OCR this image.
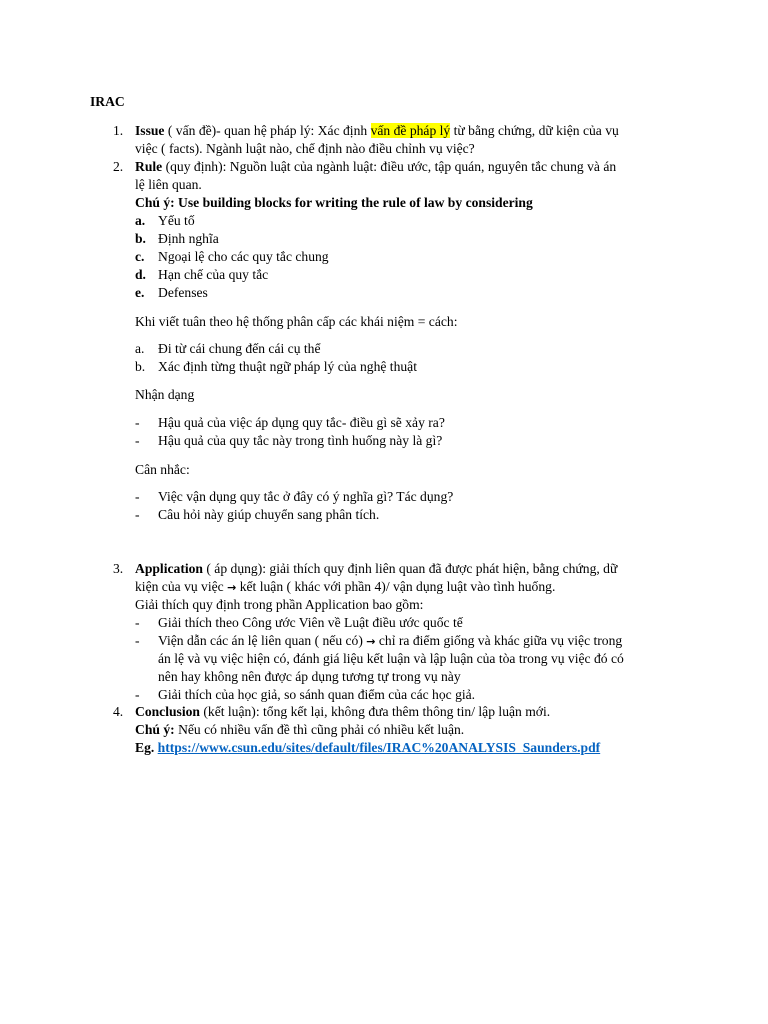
IRAC
1. Issue ( vấn đề)- quan hệ pháp lý: Xác định vấn đề pháp lý từ bằng chứng, dữ kiện của vụ
việc ( facts). Ngành luật nào, chế định nào điều chỉnh vụ việc?
2. Rule (quy định): Nguồn luật của ngành luật: điều ước, tập quán, nguyên tắc chung và án
lệ liên quan.
Chú ý: Use building blocks for writing the rule of law by considering
a. Yếu tố
b. Định nghĩa
c. Ngoại lệ cho các quy tắc chung
d. Hạn chế của quy tắc
e. Defenses
Khi viết tuân theo hệ thống phân cấp các khái niệm = cách:
a. Đi từ cái chung đến cái cụ thể
b. Xác định từng thuật ngữ pháp lý của nghệ thuật
Nhận dạng
- Hậu quả của việc áp dụng quy tắc- điều gì sẽ xảy ra?
- Hậu quả của quy tắc này trong tình huống này là gì?
Cân nhắc:
- Việc vận dụng quy tắc ở đây có ý nghĩa gì? Tác dụng?
- Câu hỏi này giúp chuyển sang phân tích.
3. Application ( áp dụng): giải thích quy định liên quan đã được phát hiện, bằng chứng, dữ
kiện của vụ việc → kết luận ( khác với phần 4)/ vận dụng luật vào tình huống.
Giải thích quy định trong phần Application bao gồm:
- Giải thích theo Công ước Viên về Luật điều ước quốc tế
- Viện dẫn các án lệ liên quan ( nếu có) → chỉ ra điểm giống và khác giữa vụ việc trong
án lệ và vụ việc hiện có, đánh giá liệu kết luận và lập luận của tòa trong vụ việc đó có
nên hay không nên được áp dụng tương tự trong vụ này
- Giải thích của học giả, so sánh quan điểm của các học giả.
4. Conclusion (kết luận): tổng kết lại, không đưa thêm thông tin/ lập luận mới.
Chú ý: Nếu có nhiều vấn đề thì cũng phải có nhiều kết luận.
Eg. https://www.csun.edu/sites/default/files/IRAC%20ANALYSIS_Saunders.pdf
